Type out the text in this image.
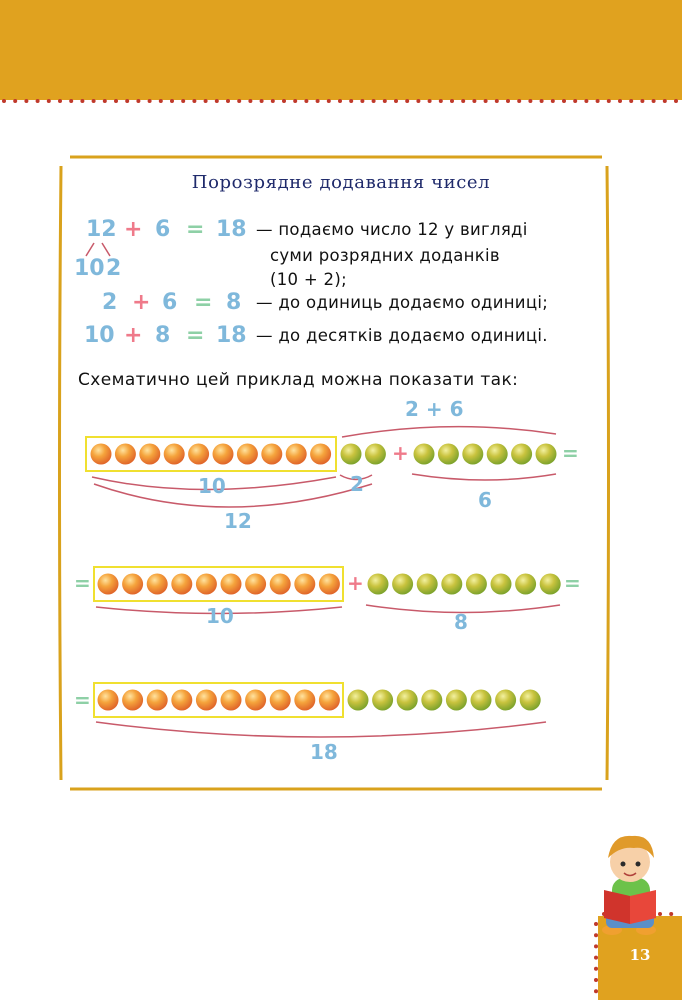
Порозрядне додавання чисел
12 + 6 = 18
10 2
— подаємо число 12 у вигляді
суми розрядних доданків
(10 + 2);
2 + 6 = 8 — до одиниць додаємо одиниці;
10 + 8 = 18 — до десятків додаємо одиниці.
Схематично цей приклад можна показати так:
2 + 6
+	=
10	2
6
12
=	+	=
10	8
=
18
13
